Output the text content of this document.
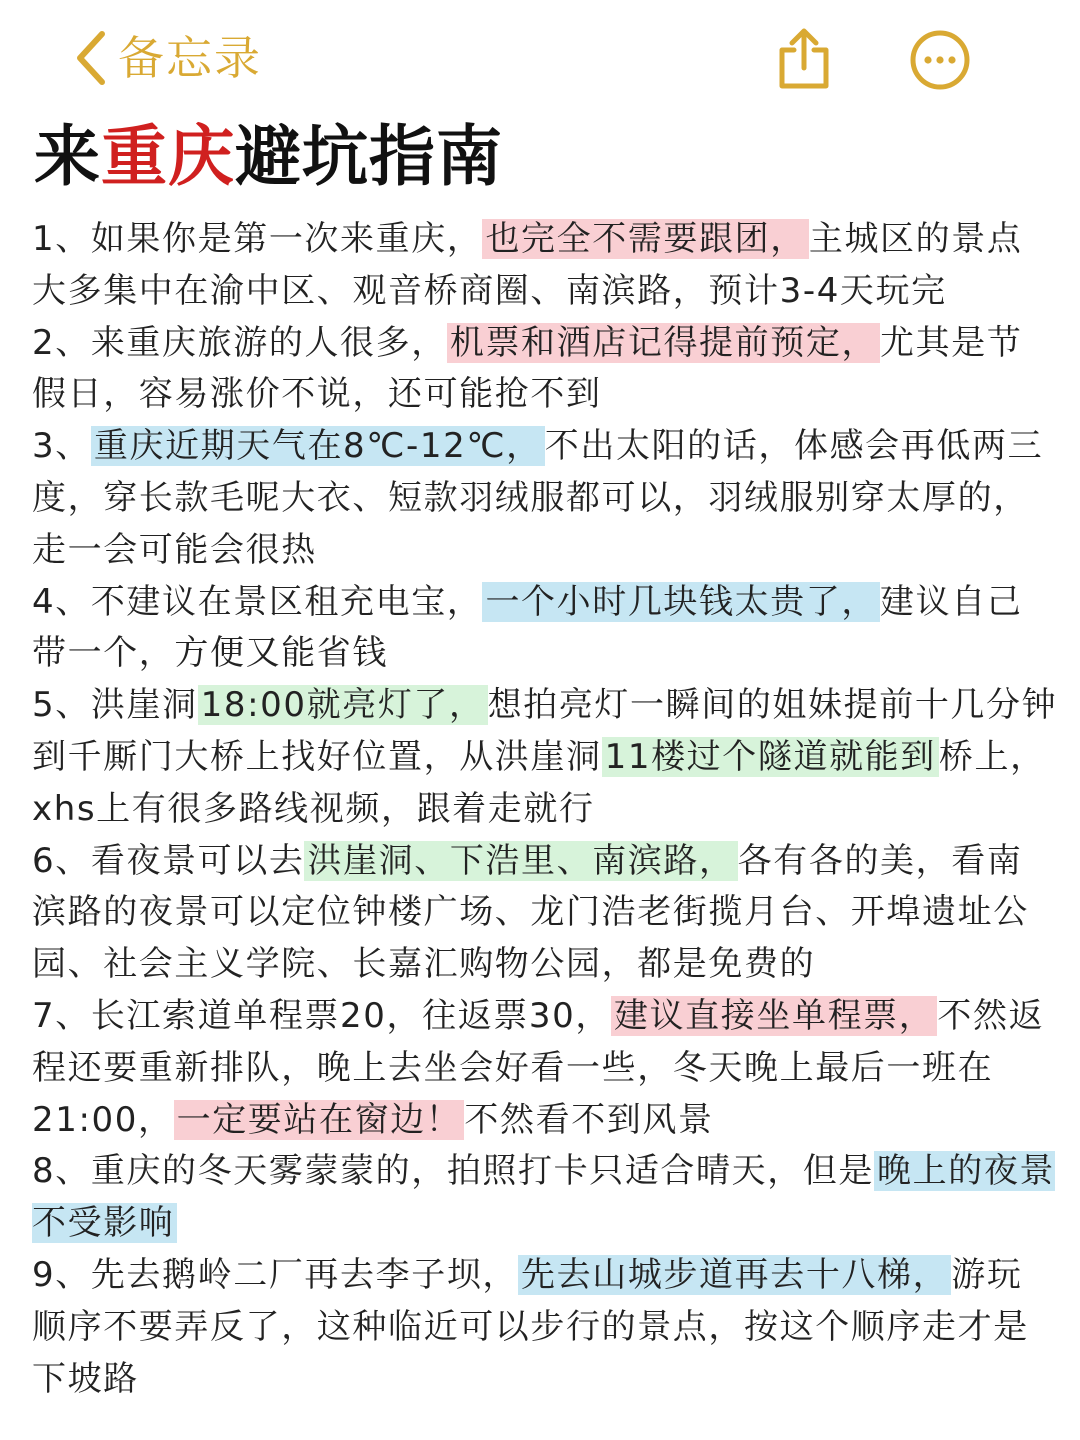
备忘录
来重庆避坑指南

1、如果你是第一次来重庆，也完全不需要跟团，主城区的景点大多集中在渝中区、观音桥商圈、南滨路，预计3-4天玩完

2、来重庆旅游的人很多，机票和酒店记得提前预定，尤其是节假日，容易涨价不说，还可能抢不到

3、重庆近期天气在8℃-12℃，不出太阳的话，体感会再低两三度，穿长款毛呢大衣、短款羽绒服都可以，羽绒服别穿太厚的，走一会可能会很热

4、不建议在景区租充电宝，一个小时几块钱太贵了，建议自己带一个，方便又能省钱

5、洪崖洞18:00就亮灯了，想拍亮灯一瞬间的姐妹提前十几分钟到千厮门大桥上找好位置，从洪崖洞11楼过个隧道就能到桥上，xhs上有很多路线视频，跟着走就行

6、看夜景可以去洪崖洞、下浩里、南滨路，各有各的美，看南滨路的夜景可以定位钟楼广场、龙门浩老街揽月台、开埠遗址公园、社会主义学院、长嘉汇购物公园，都是免费的

7、长江索道单程票20，往返票30，建议直接坐单程票，不然返程还要重新排队，晚上去坐会好看一些，冬天晚上最后一班在21:00，一定要站在窗边！不然看不到风景

8、重庆的冬天雾蒙蒙的，拍照打卡只适合晴天，但是晚上的夜景不受影响

9、先去鹅岭二厂再去李子坝，先去山城步道再去十八梯，游玩顺序不要弄反了，这种临近可以步行的景点，按这个顺序走才是下坡路
